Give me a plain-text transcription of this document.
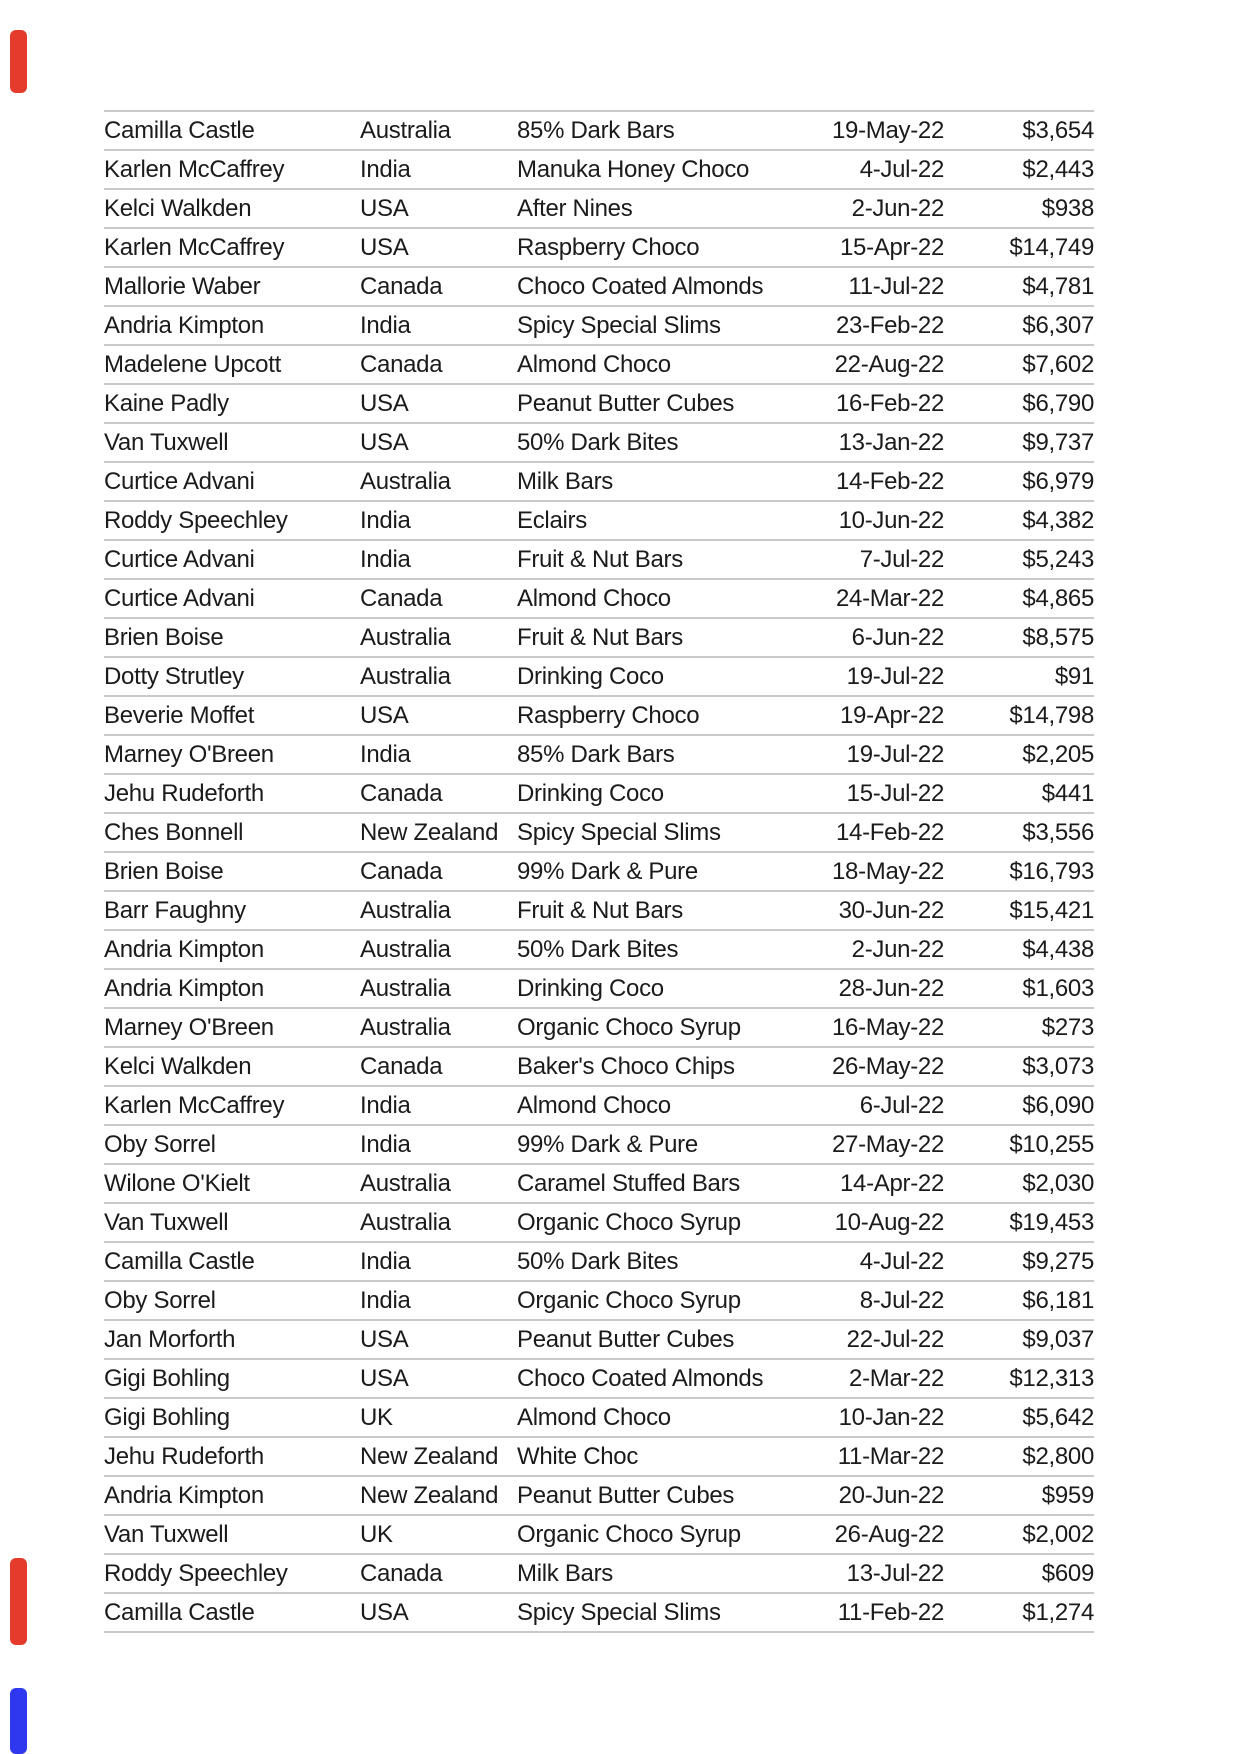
Camilla Castle	Australia	85% Dark Bars	19-May-22	$3,654
Karlen McCaffrey	India	Manuka Honey Choco	4-Jul-22	$2,443
Kelci Walkden	USA	After Nines	2-Jun-22	$938
Karlen McCaffrey	USA	Raspberry Choco	15-Apr-22	$14,749
Mallorie Waber	Canada	Choco Coated Almonds	11-Jul-22	$4,781
Andria Kimpton	India	Spicy Special Slims	23-Feb-22	$6,307
Madelene Upcott	Canada	Almond Choco	22-Aug-22	$7,602
Kaine Padly	USA	Peanut Butter Cubes	16-Feb-22	$6,790
Van Tuxwell	USA	50% Dark Bites	13-Jan-22	$9,737
Curtice Advani	Australia	Milk Bars	14-Feb-22	$6,979
Roddy Speechley	India	Eclairs	10-Jun-22	$4,382
Curtice Advani	India	Fruit & Nut Bars	7-Jul-22	$5,243
Curtice Advani	Canada	Almond Choco	24-Mar-22	$4,865
Brien Boise	Australia	Fruit & Nut Bars	6-Jun-22	$8,575
Dotty Strutley	Australia	Drinking Coco	19-Jul-22	$91
Beverie Moffet	USA	Raspberry Choco	19-Apr-22	$14,798
Marney O'Breen	India	85% Dark Bars	19-Jul-22	$2,205
Jehu Rudeforth	Canada	Drinking Coco	15-Jul-22	$441
Ches Bonnell	New Zealand	Spicy Special Slims	14-Feb-22	$3,556
Brien Boise	Canada	99% Dark & Pure	18-May-22	$16,793
Barr Faughny	Australia	Fruit & Nut Bars	30-Jun-22	$15,421
Andria Kimpton	Australia	50% Dark Bites	2-Jun-22	$4,438
Andria Kimpton	Australia	Drinking Coco	28-Jun-22	$1,603
Marney O'Breen	Australia	Organic Choco Syrup	16-May-22	$273
Kelci Walkden	Canada	Baker's Choco Chips	26-May-22	$3,073
Karlen McCaffrey	India	Almond Choco	6-Jul-22	$6,090
Oby Sorrel	India	99% Dark & Pure	27-May-22	$10,255
Wilone O'Kielt	Australia	Caramel Stuffed Bars	14-Apr-22	$2,030
Van Tuxwell	Australia	Organic Choco Syrup	10-Aug-22	$19,453
Camilla Castle	India	50% Dark Bites	4-Jul-22	$9,275
Oby Sorrel	India	Organic Choco Syrup	8-Jul-22	$6,181
Jan Morforth	USA	Peanut Butter Cubes	22-Jul-22	$9,037
Gigi Bohling	USA	Choco Coated Almonds	2-Mar-22	$12,313
Gigi Bohling	UK	Almond Choco	10-Jan-22	$5,642
Jehu Rudeforth	New Zealand	White Choc	11-Mar-22	$2,800
Andria Kimpton	New Zealand	Peanut Butter Cubes	20-Jun-22	$959
Van Tuxwell	UK	Organic Choco Syrup	26-Aug-22	$2,002
Roddy Speechley	Canada	Milk Bars	13-Jul-22	$609
Camilla Castle	USA	Spicy Special Slims	11-Feb-22	$1,274
